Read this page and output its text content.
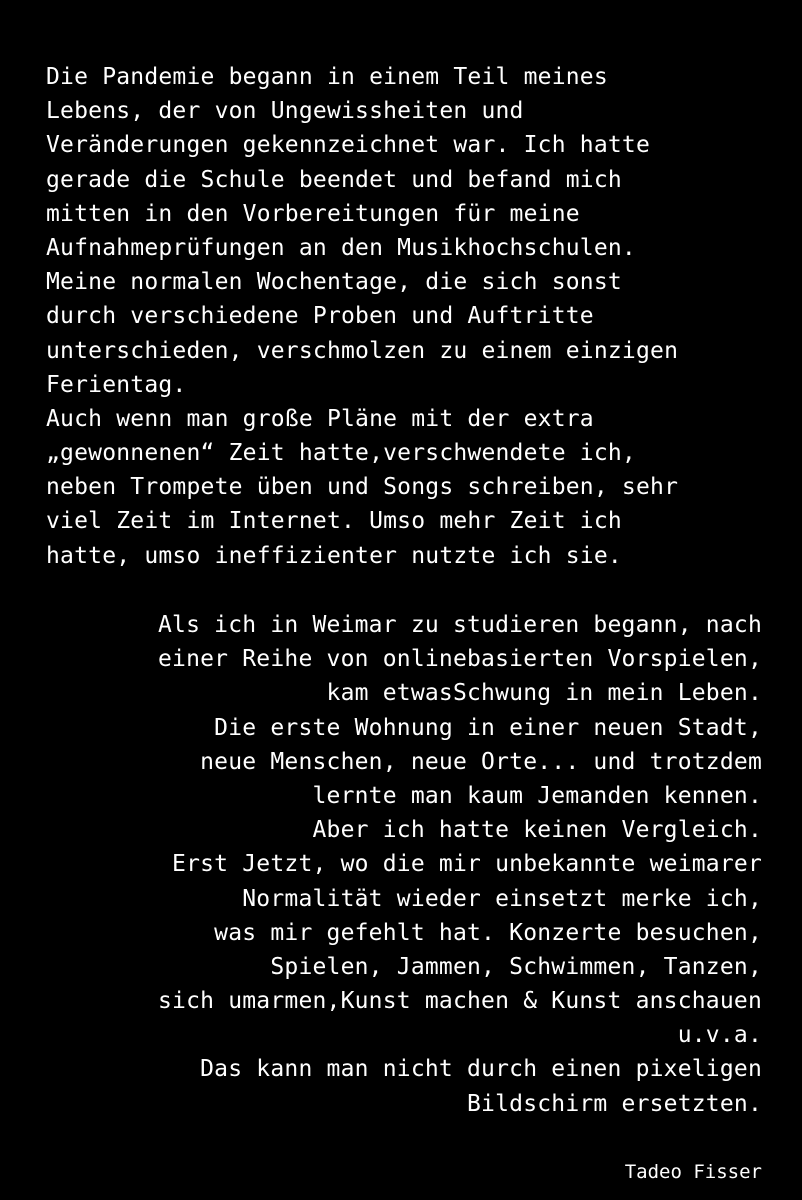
Die Pandemie begann in einem Teil meines
Lebens, der von Ungewissheiten und
Veränderungen gekennzeichnet war. Ich hatte
gerade die Schule beendet und befand mich
mitten in den Vorbereitungen für meine
Aufnahmeprüfungen an den Musikhochschulen.
Meine normalen Wochentage, die sich sonst
durch verschiedene Proben und Auftritte
unterschieden, verschmolzen zu einem einzigen
Ferientag.
Auch wenn man große Pläne mit der extra
„gewonnenen“ Zeit hatte,verschwendete ich,
neben Trompete üben und Songs schreiben, sehr
viel Zeit im Internet. Umso mehr Zeit ich
hatte, umso ineffizienter nutzte ich sie.
Als ich in Weimar zu studieren begann, nach
einer Reihe von onlinebasierten Vorspielen,
kam etwasSchwung in mein Leben.
Die erste Wohnung in einer neuen Stadt,
neue Menschen, neue Orte... und trotzdem
lernte man kaum Jemanden kennen.
Aber ich hatte keinen Vergleich.
Erst Jetzt, wo die mir unbekannte weimarer
Normalität wieder einsetzt merke ich,
was mir gefehlt hat. Konzerte besuchen,
Spielen, Jammen, Schwimmen, Tanzen,
sich umarmen,Kunst machen & Kunst anschauen
u.v.a.
Das kann man nicht durch einen pixeligen
Bildschirm ersetzten.
Tadeo Fisser
